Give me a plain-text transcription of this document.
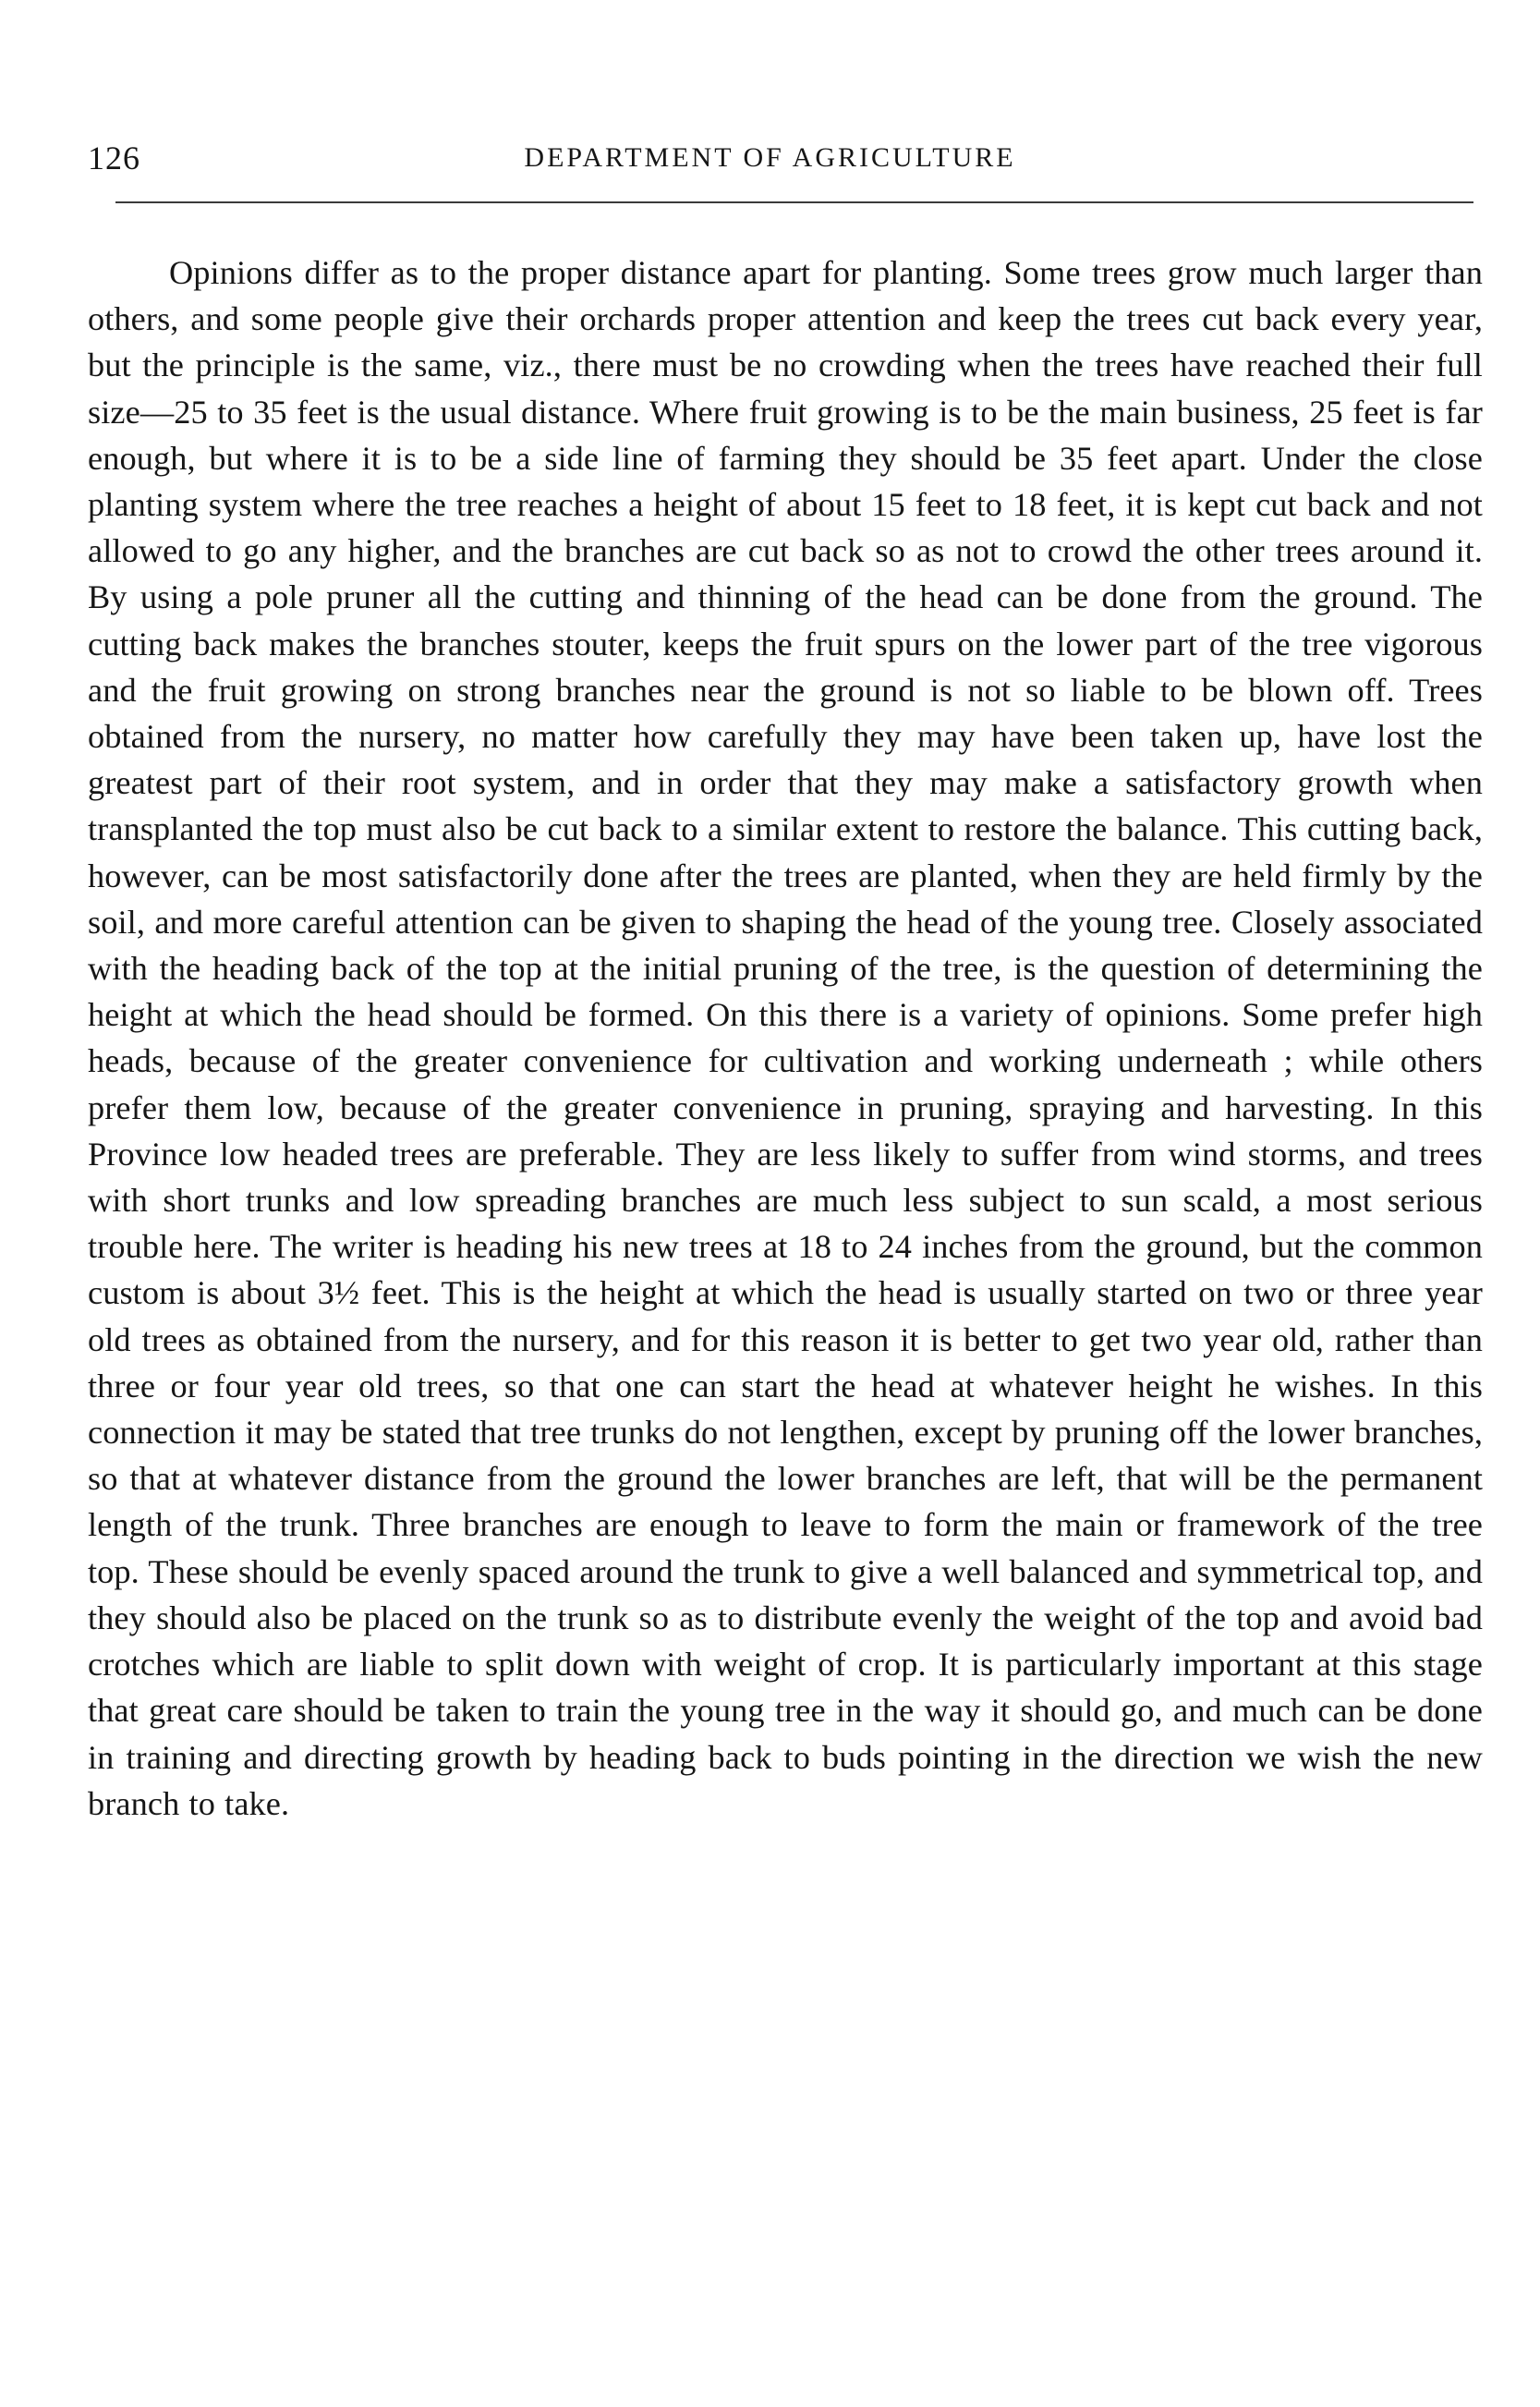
126	DEPARTMENT OF AGRICULTURE

Opinions differ as to the proper distance apart for planting. Some trees grow much larger than others, and some people give their orchards proper attention and keep the trees cut back every year, but the principle is the same, viz., there must be no crowding when the trees have reached their full size—25 to 35 feet is the usual distance. Where fruit growing is to be the main business, 25 feet is far enough, but where it is to be a side line of farming they should be 35 feet apart. Under the close planting system where the tree reaches a height of about 15 feet to 18 feet, it is kept cut back and not allowed to go any higher, and the branches are cut back so as not to crowd the other trees around it. By using a pole pruner all the cutting and thinning of the head can be done from the ground. The cutting back makes the branches stouter, keeps the fruit spurs on the lower part of the tree vigorous and the fruit growing on strong branches near the ground is not so liable to be blown off. Trees obtained from the nursery, no matter how carefully they may have been taken up, have lost the greatest part of their root system, and in order that they may make a satisfactory growth when transplanted the top must also be cut back to a similar extent to restore the balance. This cutting back, however, can be most satisfactorily done after the trees are planted, when they are held firmly by the soil, and more careful attention can be given to shaping the head of the young tree. Closely associated with the heading back of the top at the initial pruning of the tree, is the question of determining the height at which the head should be formed. On this there is a variety of opinions. Some prefer high heads, because of the greater convenience for cultivation and working underneath ; while others prefer them low, because of the greater convenience in pruning, spraying and harvesting. In this Province low headed trees are preferable. They are less likely to suffer from wind storms, and trees with short trunks and low spreading branches are much less subject to sun scald, a most serious trouble here. The writer is heading his new trees at 18 to 24 inches from the ground, but the common custom is about 3½ feet. This is the height at which the head is usually started on two or three year old trees as obtained from the nursery, and for this reason it is better to get two year old, rather than three or four year old trees, so that one can start the head at whatever height he wishes. In this connection it may be stated that tree trunks do not lengthen, except by pruning off the lower branches, so that at whatever distance from the ground the lower branches are left, that will be the permanent length of the trunk. Three branches are enough to leave to form the main or framework of the tree top. These should be evenly spaced around the trunk to give a well balanced and symmetrical top, and they should also be placed on the trunk so as to distribute evenly the weight of the top and avoid bad crotches which are liable to split down with weight of crop. It is particularly important at this stage that great care should be taken to train the young tree in the way it should go, and much can be done in training and directing growth by heading back to buds pointing in the direction we wish the new branch to take.
